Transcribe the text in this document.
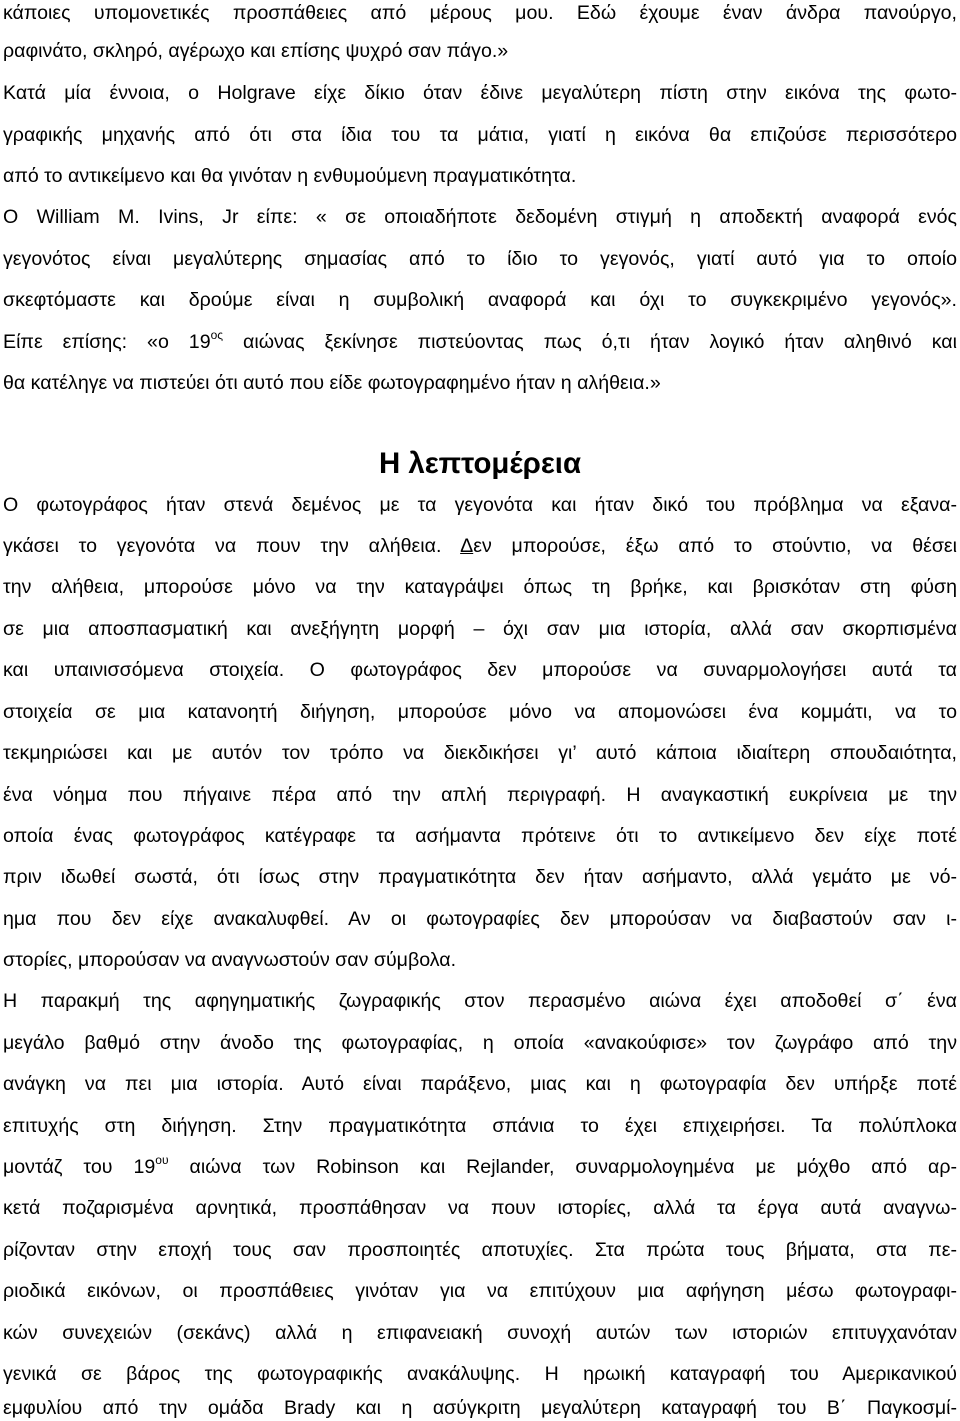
κάποιες υπομονετικές προσπάθειες από μέρους μου. Εδώ έχουμε έναν άνδρα πανούργο,

ραφινάτο, σκληρό, αγέρωχο και επίσης ψυχρό σαν πάγο.»

Κατά μία έννοια, ο Holgrave είχε δίκιο όταν έδινε μεγαλύτερη πίστη στην εικόνα της φωτο-

γραφικής μηχανής από ότι στα ίδια του τα μάτια, γιατί η εικόνα θα επιζούσε περισσότερο

από το αντικείμενο και θα γινόταν η ενθυμούμενη πραγματικότητα.

Ο William M. Ivins, Jr είπε: « σε οποιαδήποτε δεδομένη στιγμή η αποδεκτή αναφορά ενός

γεγονότος είναι μεγαλύτερης σημασίας από το ίδιο το γεγονός, γιατί αυτό για το οποίο

σκεφτόμαστε και δρούμε είναι η συμβολική αναφορά και όχι το συγκεκριμένο γεγονός».

Είπε επίσης: «ο $19^{o\varsigma}$ αιώνας ξεκίνησε πιστεύοντας πως ό,τι ήταν λογικό ήταν αληθινό και

θα κατέληγε να πιστεύει ότι αυτό που είδε φωτογραφημένο ήταν η αλήθεια.»

Η λεπτομέρεια

Ο φωτογράφος ήταν στενά δεμένος με τα γεγονότα και ήταν δικό του πρόβλημα να εξανα-

γκάσει το γεγονότα να πουν την αλήθεια. Δεν μπορούσε, έξω από το στούντιο, να θέσει

την αλήθεια, μπορούσε μόνο να την καταγράψει όπως τη βρήκε, και βρισκόταν στη φύση

σε μια αποσπασματική και ανεξήγητη μορφή – όχι σαν μια ιστορία, αλλά σαν σκορπισμένα

και υπαινισσόμενα στοιχεία. Ο φωτογράφος δεν μπορούσε να συναρμολογήσει αυτά τα

στοιχεία σε μια κατανοητή διήγηση, μπορούσε μόνο να απομονώσει ένα κομμάτι, να το

τεκμηριώσει και με αυτόν τον τρόπο να διεκδικήσει γι’ αυτό κάποια ιδιαίτερη σπουδαιότητα,

ένα νόημα που πήγαινε πέρα από την απλή περιγραφή. Η αναγκαστική ευκρίνεια με την

οποία ένας φωτογράφος κατέγραφε τα ασήμαντα πρότεινε ότι το αντικείμενο δεν είχε ποτέ

πριν ιδωθεί σωστά, ότι ίσως στην πραγματικότητα δεν ήταν ασήμαντο, αλλά γεμάτο με νό-

ημα που δεν είχε ανακαλυφθεί. Αν οι φωτογραφίες δεν μπορούσαν να διαβαστούν σαν ι-

στορίες, μπορούσαν να αναγνωστούν σαν σύμβολα.

Η παρακμή της αφηγηματικής ζωγραφικής στον περασμένο αιώνα έχει αποδοθεί σ΄ ένα

μεγάλο βαθμό στην άνοδο της φωτογραφίας, η οποία «ανακούφισε» τον ζωγράφο από την

ανάγκη να πει μια ιστορία. Αυτό είναι παράξενο, μιας και η φωτογραφία δεν υπήρξε ποτέ

επιτυχής στη διήγηση. Στην πραγματικότητα σπάνια το έχει επιχειρήσει. Τα πολύπλοκα

μοντάζ του $19^{o\upsilon}$ αιώνα των Robinson και Rejlander, συναρμολογημένα με μόχθο από αρ-

κετά ποζαρισμένα αρνητικά, προσπάθησαν να πουν ιστορίες, αλλά τα έργα αυτά αναγνω-

ρίζονταν στην εποχή τους σαν προσποιητές αποτυχίες. Στα πρώτα τους βήματα, στα πε-

ριοδικά εικόνων, οι προσπάθειες γινόταν για να επιτύχουν μια αφήγηση μέσω φωτογραφι-

κών συνεχειών (σεκάνς) αλλά η επιφανειακή συνοχή αυτών των ιστοριών επιτυγχανόταν

γενικά σε βάρος της φωτογραφικής ανακάλυψης. Η ηρωική καταγραφή του Αμερικανικού

εμφυλίου από την ομάδα Brady και η ασύγκριτη μεγαλύτερη καταγραφή του Β΄ Παγκοσμί-
